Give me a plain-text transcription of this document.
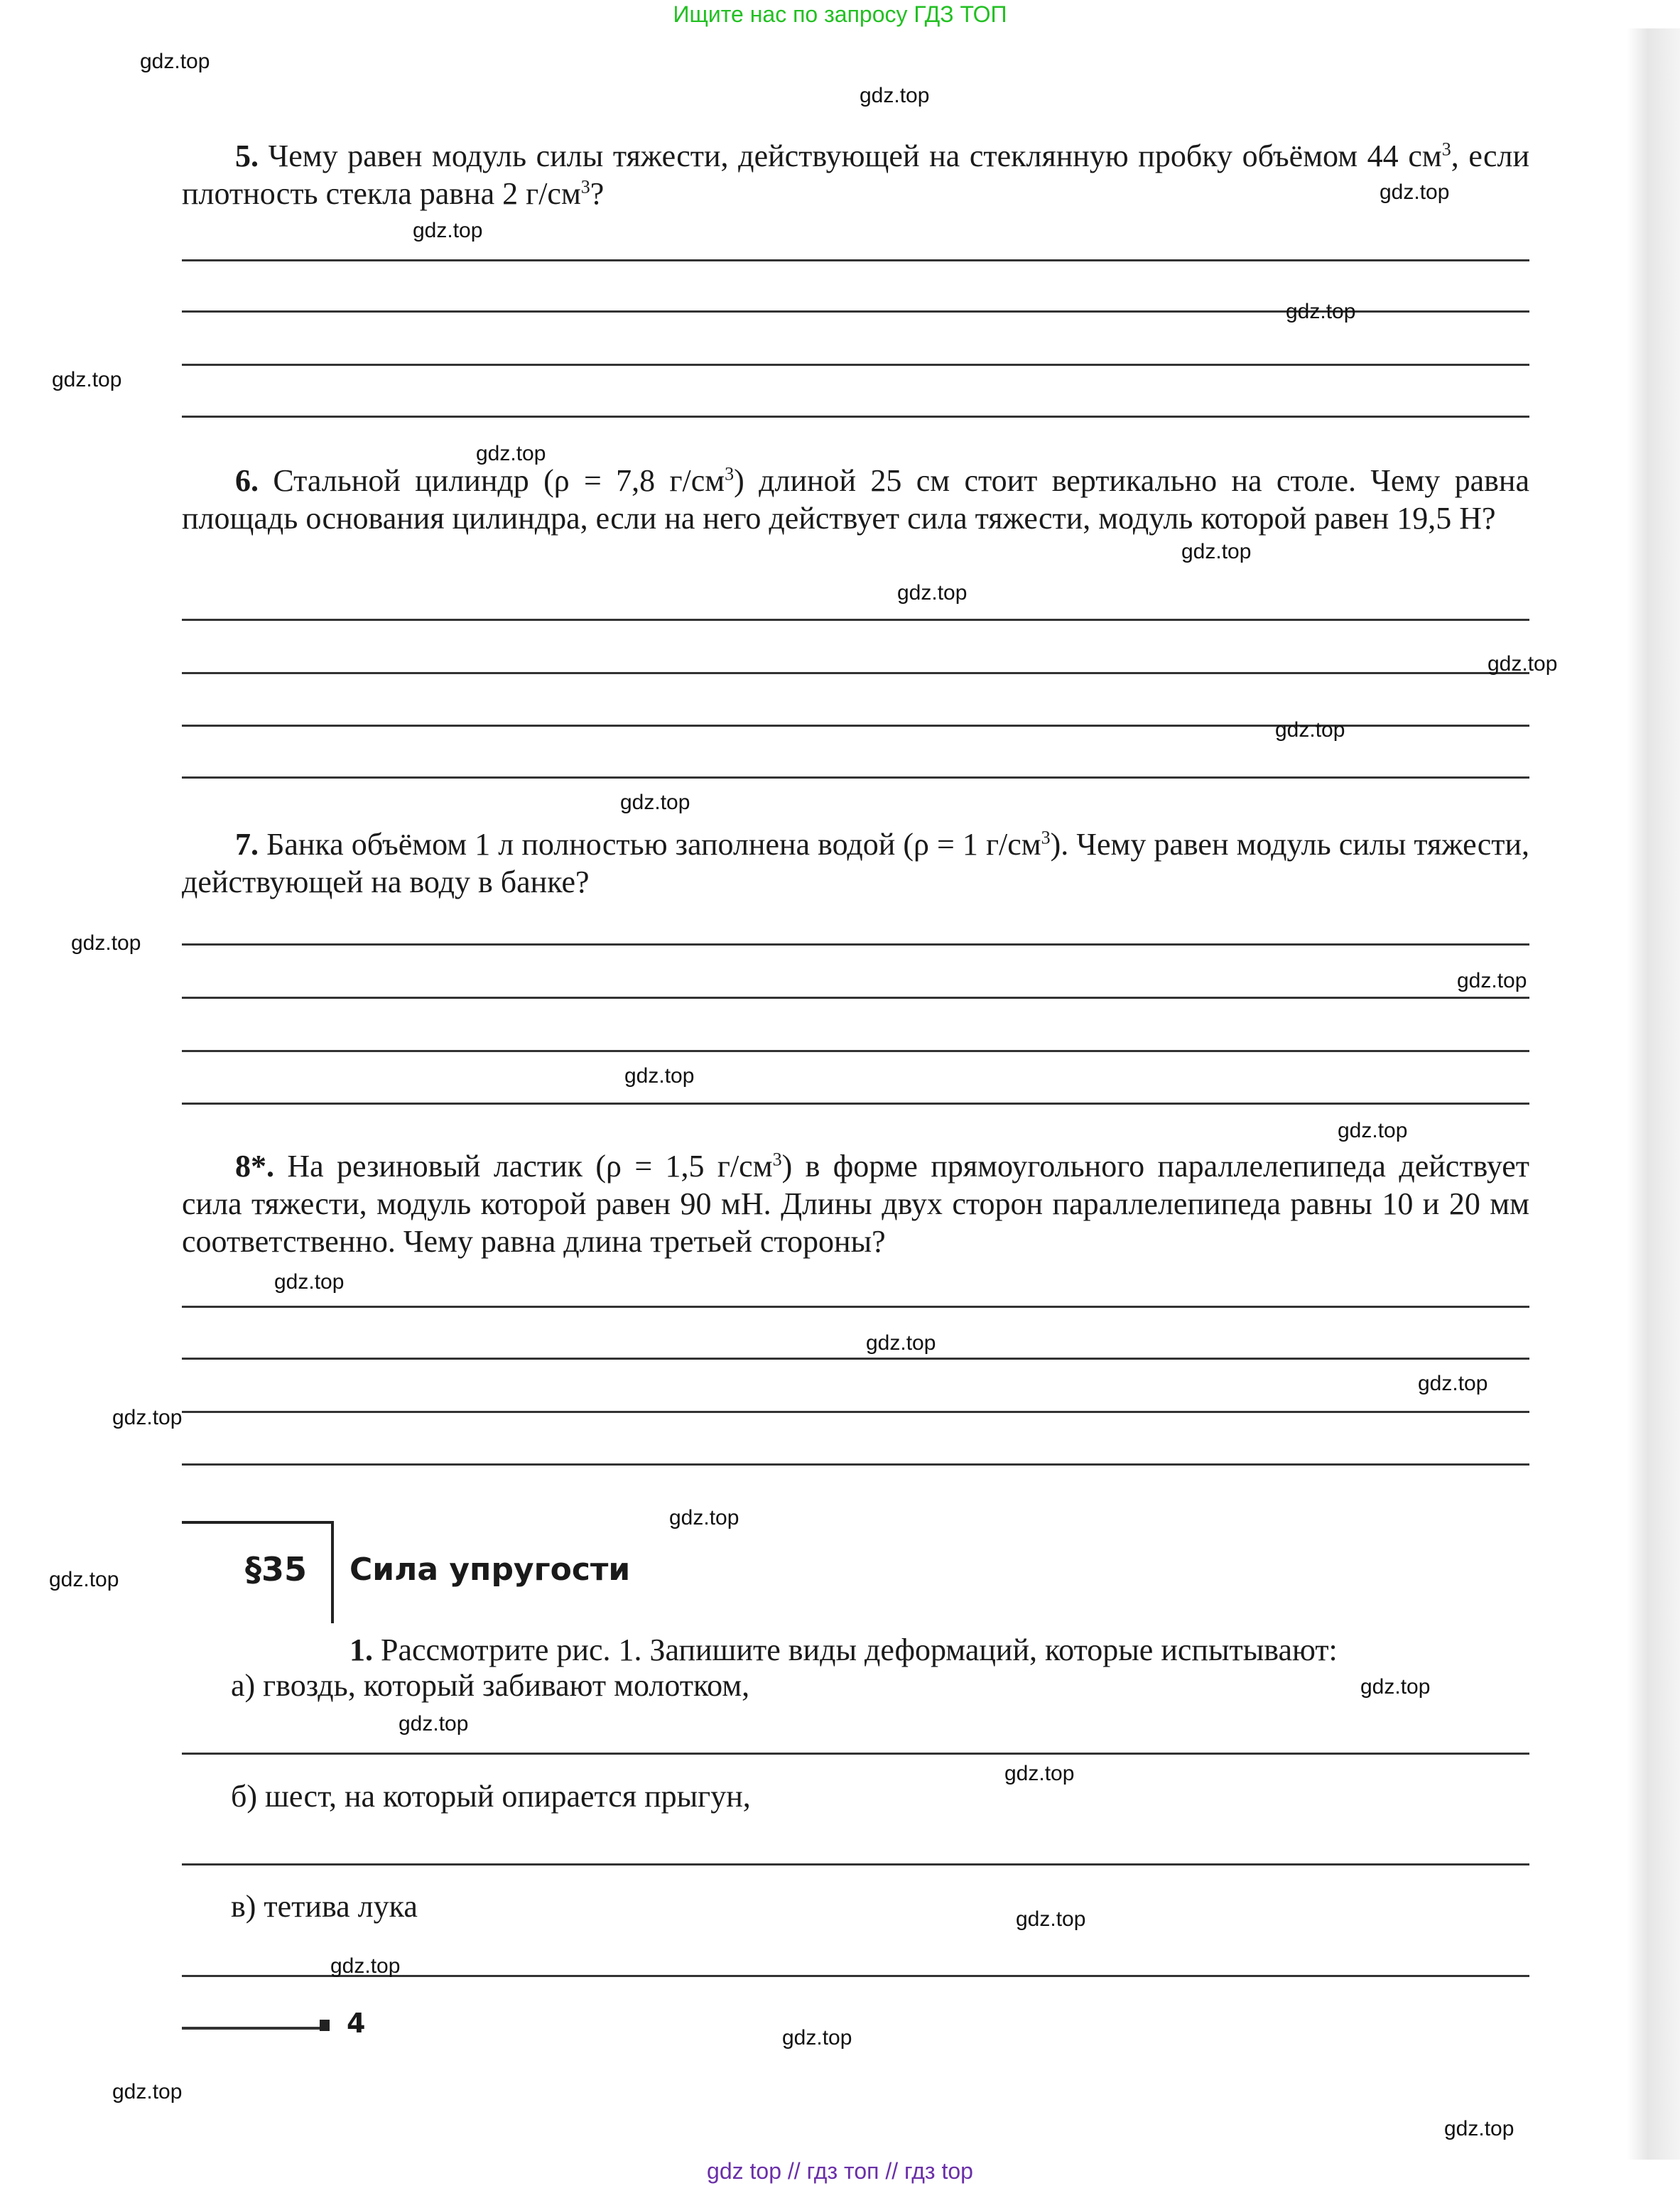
Ищите нас по запросу ГДЗ ТОП
5. Чему равен модуль силы тяжести, действующей на стеклянную пробку объёмом 44 $см^3$, если плотность стекла равна 2 $г/см^3$?
6. Стальной цилиндр (ρ = 7,8 $г/см^3$) длиной 25 см стоит вертикально на столе. Чему равна площадь основания цилиндра, если на него действует сила тяжести, модуль которой равен 19,5 Н?
7. Банка объёмом 1 л полностью заполнена водой (ρ = 1 $г/см^3$). Чему равен модуль силы тяжести, действующей на воду в банке?
8*. На резиновый ластик (ρ = 1,5 $г/см^3$) в форме прямоугольного параллелепипеда действует сила тяжести, модуль которой равен 90 мН. Длины двух сторон параллелепипеда равны 10 и 20 мм соответственно. Чему равна длина третьей стороны?
§35 Сила упругости
1. Рассмотрите рис. 1. Запишите виды деформаций, которые испытывают:
а) гвоздь, который забивают молотком,
б) шест, на который опирается прыгун,
в) тетива лука
4
gdz.top
gdz.top
gdz.top
gdz.top
gdz.top
gdz.top
gdz.top
gdz.top
gdz.top
gdz.top
gdz.top
gdz.top
gdz.top
gdz.top
gdz.top
gdz.top
gdz.top
gdz.top
gdz.top
gdz.top
gdz.top
gdz.top
gdz.top
gdz.top
gdz.top
gdz.top
gdz.top
gdz.top
gdz.top
gdz.top
gdz top // гдз топ // гдз top
